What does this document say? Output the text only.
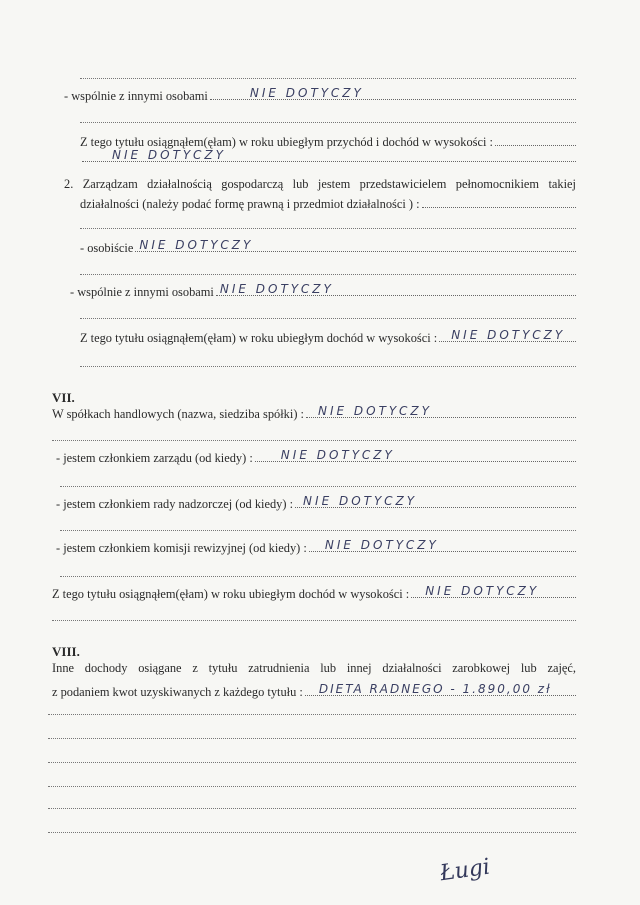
- wspólnie z innymi osobami	NIE DOTYCZY
Z tego tytułu osiągnąłem(ęłam) w roku ubiegłym przychód i dochód w wysokości :
NIE DOTYCZY
2. Zarządzam działalnością gospodarczą lub jestem przedstawicielem pełnomocnikiem takiej
działalności (należy podać formę prawną i przedmiot działalności ) :
- osobiście NIE DOTYCZY
- wspólnie z innymi osobami NIE DOTYCZY
Z tego tytułu osiągnąłem(ęłam) w roku ubiegłym dochód w wysokości : NIE DOTYCZY
VII.
W spółkach handlowych (nazwa, siedziba spółki) : NIE DOTYCZY
- jestem członkiem zarządu (od kiedy) : NIE DOTYCZY
- jestem członkiem rady nadzorczej (od kiedy) : NIE DOTYCZY
- jestem członkiem komisji rewizyjnej (od kiedy) : NIE DOTYCZY
Z tego tytułu osiągnąłem(ęłam) w roku ubiegłym dochód w wysokości : NIE DOTYCZY
VIII.
Inne dochody osiągane z tytułu zatrudnienia lub innej działalności zarobkowej lub zajęć,
z podaniem kwot uzyskiwanych z każdego tytułu : DIETA RADNEGO - 1.890,00 zł
Ługi
